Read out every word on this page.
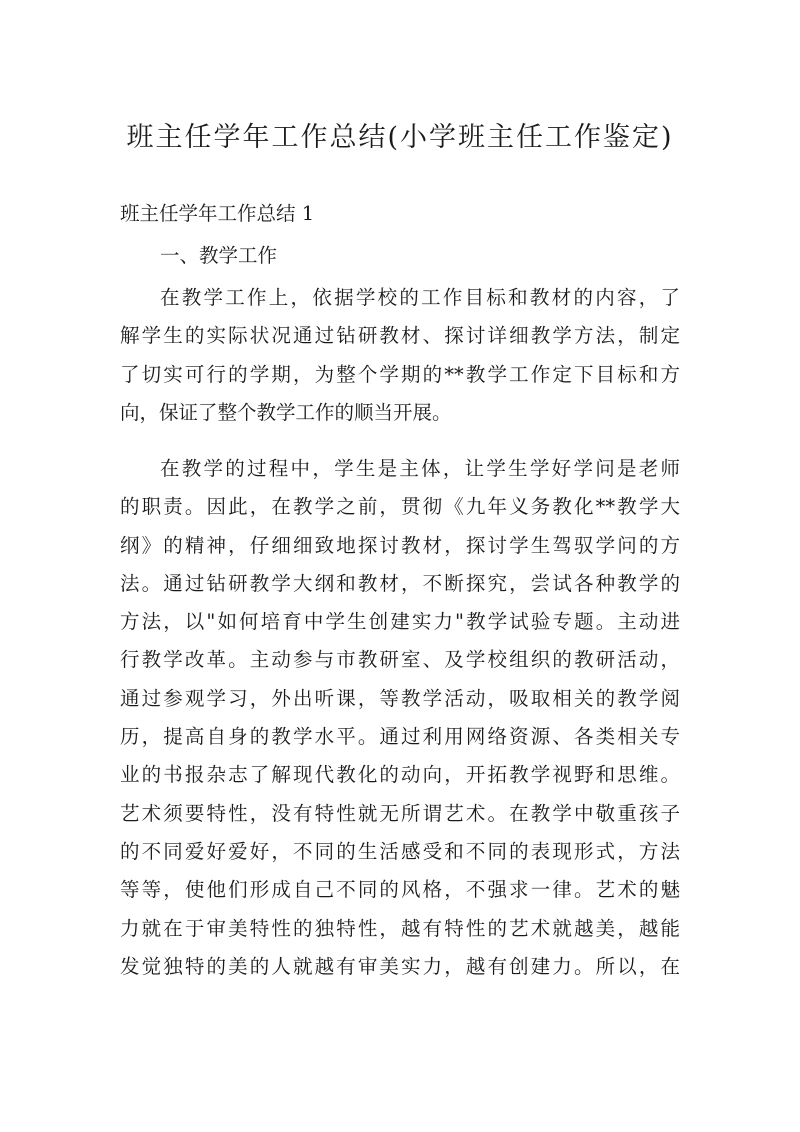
班主任学年工作总结(小学班主任工作鉴定)
班主任学年工作总结 1
一、教学工作
在教学工作上，依据学校的工作目标和教材的内容，了
解学生的实际状况通过钻研教材、探讨详细教学方法，制定
了切实可行的学期，为整个学期的**教学工作定下目标和方
向，保证了整个教学工作的顺当开展。
在教学的过程中，学生是主体，让学生学好学问是老师
的职责。因此，在教学之前，贯彻《九年义务教化**教学大
纲》的精神，仔细细致地探讨教材，探讨学生驾驭学问的方
法。通过钻研教学大纲和教材，不断探究，尝试各种教学的
方法，以"如何培育中学生创建实力"教学试验专题。主动进
行教学改革。主动参与市教研室、及学校组织的教研活动，
通过参观学习，外出听课，等教学活动，吸取相关的教学阅
历，提高自身的教学水平。通过利用网络资源、各类相关专
业的书报杂志了解现代教化的动向，开拓教学视野和思维。
艺术须要特性，没有特性就无所谓艺术。在教学中敬重孩子
的不同爱好爱好，不同的生活感受和不同的表现形式，方法
等等，使他们形成自己不同的风格，不强求一律。艺术的魅
力就在于审美特性的独特性，越有特性的艺术就越美，越能
发觉独特的美的人就越有审美实力，越有创建力。所以，在
